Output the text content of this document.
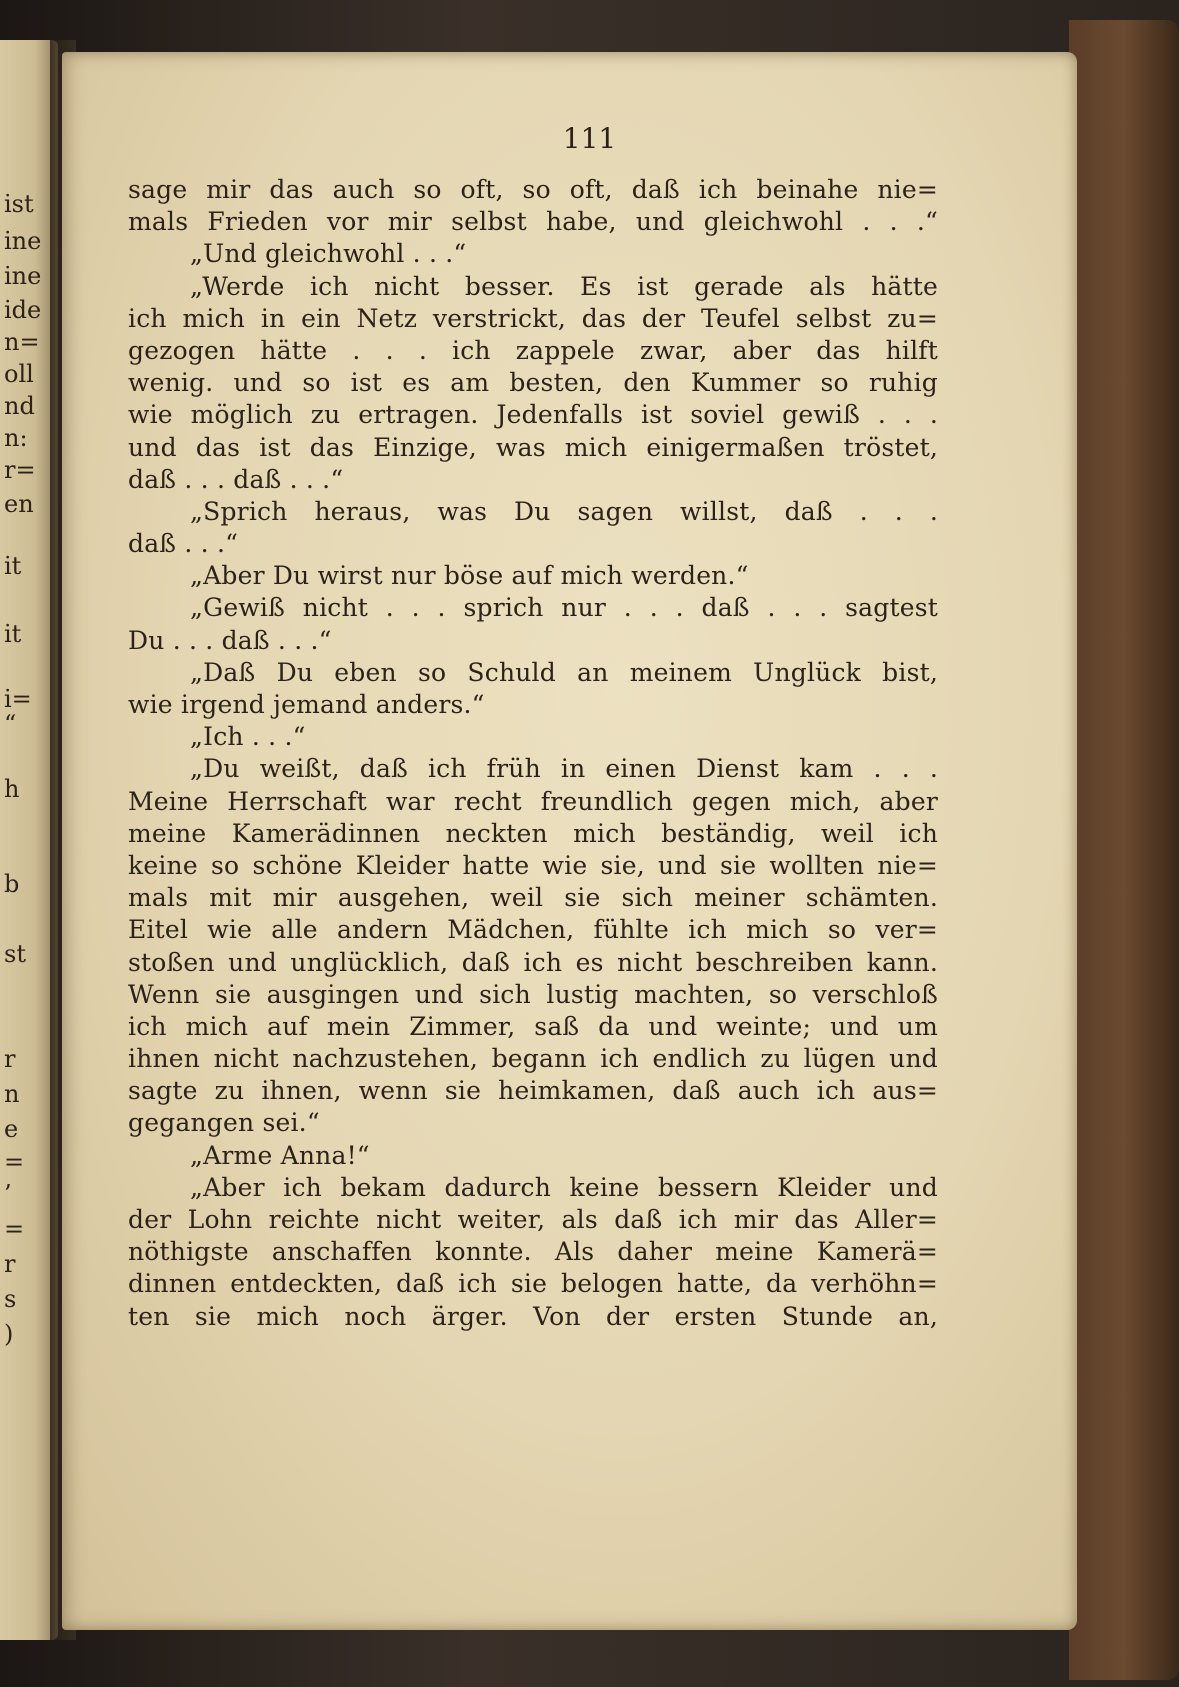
ist
ine
ine
ide
n=
oll
nd
n:
r=
en
it
it
i=
“
h
b
st
r
n
e
=
’
=
r
s
)
111
sage mir das auch so oft, so oft, daß ich beinahe nie=
mals Frieden vor mir selbst habe, und gleichwohl . . .“
„Und gleichwohl . . .“
„Werde ich nicht besser. Es ist gerade als hätte
ich mich in ein Netz verstrickt, das der Teufel selbst zu=
gezogen hätte . . . ich zappele zwar, aber das hilft
wenig. und so ist es am besten, den Kummer so ruhig
wie möglich zu ertragen. Jedenfalls ist soviel gewiß . . .
und das ist das Einzige, was mich einigermaßen tröstet,
daß . . . daß . . .“
„Sprich heraus, was Du sagen willst, daß . . .
daß . . .“
„Aber Du wirst nur böse auf mich werden.“
„Gewiß nicht . . . sprich nur . . . daß . . . sagtest
Du . . . daß . . .“
„Daß Du eben so Schuld an meinem Unglück bist,
wie irgend jemand anders.“
„Ich . . .“
„Du weißt, daß ich früh in einen Dienst kam . . .
Meine Herrschaft war recht freundlich gegen mich, aber
meine Kamerädinnen neckten mich beständig, weil ich
keine so schöne Kleider hatte wie sie, und sie wollten nie=
mals mit mir ausgehen, weil sie sich meiner schämten.
Eitel wie alle andern Mädchen, fühlte ich mich so ver=
stoßen und unglücklich, daß ich es nicht beschreiben kann.
Wenn sie ausgingen und sich lustig machten, so verschloß
ich mich auf mein Zimmer, saß da und weinte; und um
ihnen nicht nachzustehen, begann ich endlich zu lügen und
sagte zu ihnen, wenn sie heimkamen, daß auch ich aus=
gegangen sei.“
„Arme Anna!“
„Aber ich bekam dadurch keine bessern Kleider und
der Lohn reichte nicht weiter, als daß ich mir das Aller=
nöthigste anschaffen konnte. Als daher meine Kamerä=
dinnen entdeckten, daß ich sie belogen hatte, da verhöhn=
ten sie mich noch ärger. Von der ersten Stunde an,
